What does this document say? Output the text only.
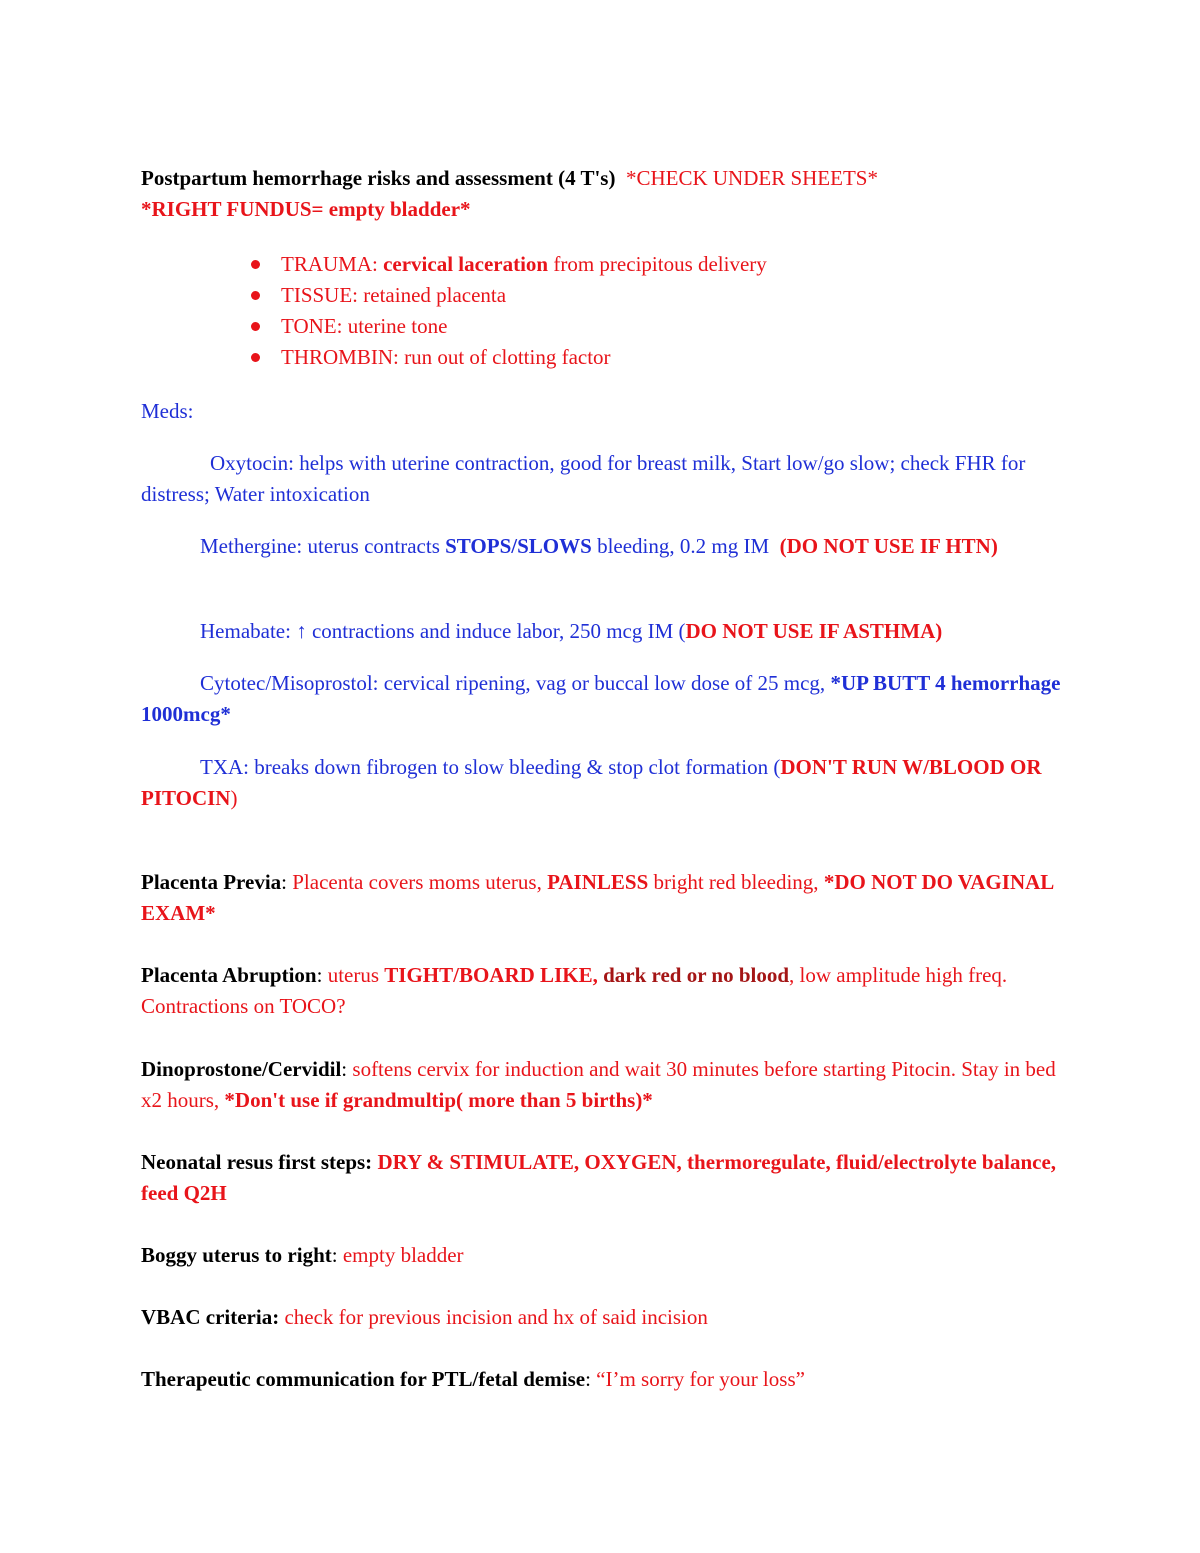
Postpartum hemorrhage risks and assessment (4 T's) *CHECK UNDER SHEETS*
*RIGHT FUNDUS= empty bladder*

TRAUMA: cervical laceration from precipitous delivery
TISSUE: retained placenta
TONE: uterine tone
THROMBIN: run out of clotting factor

Meds:

Oxytocin: helps with uterine contraction, good for breast milk, Start low/go slow; check FHR for distress; Water intoxication

Methergine: uterus contracts STOPS/SLOWS bleeding, 0.2 mg IM (DO NOT USE IF HTN)

Hemabate: ↑ contractions and induce labor, 250 mcg IM (DO NOT USE IF ASTHMA)

Cytotec/Misoprostol: cervical ripening, vag or buccal low dose of 25 mcg, *UP BUTT 4 hemorrhage 1000mcg*

TXA: breaks down fibrogen to slow bleeding & stop clot formation (DON'T RUN W/BLOOD OR PITOCIN)

Placenta Previa: Placenta covers moms uterus, PAINLESS bright red bleeding, *DO NOT DO VAGINAL EXAM*

Placenta Abruption: uterus TIGHT/BOARD LIKE, dark red or no blood, low amplitude high freq. Contractions on TOCO?

Dinoprostone/Cervidil: softens cervix for induction and wait 30 minutes before starting Pitocin. Stay in bed x2 hours, *Don't use if grandmultip( more than 5 births)*

Neonatal resus first steps: DRY & STIMULATE, OXYGEN, thermoregulate, fluid/electrolyte balance, feed Q2H

Boggy uterus to right: empty bladder

VBAC criteria: check for previous incision and hx of said incision

Therapeutic communication for PTL/fetal demise: “I’m sorry for your loss”
